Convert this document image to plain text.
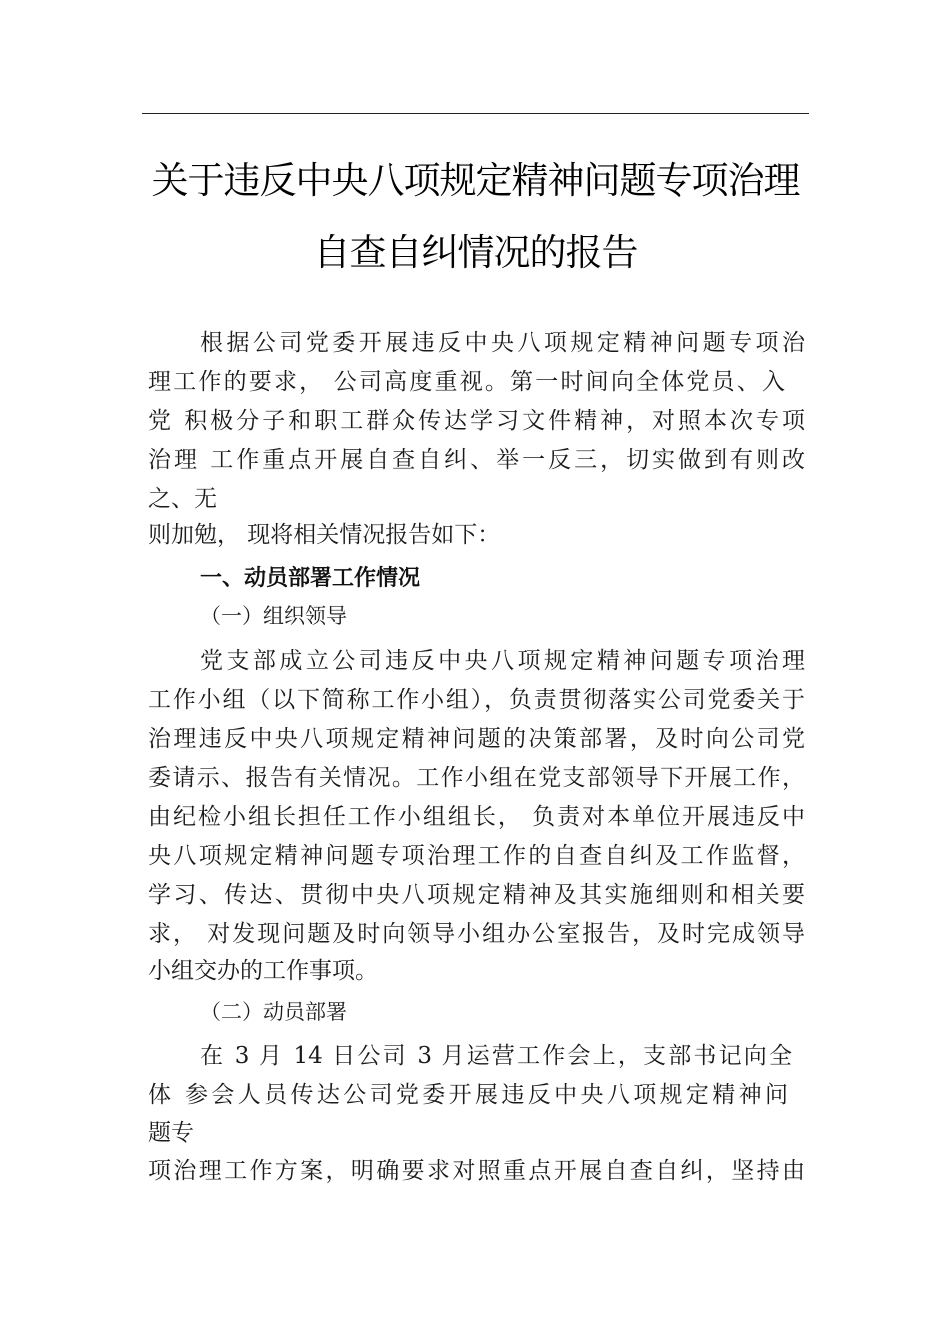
关于违反中央八项规定精神问题专项治理
自查自纠情况的报告
根据公司党委开展违反中央八项规定精神问题专项治
理工作的要求， 公司高度重视。第一时间向全体党员、入
党 积极分子和职工群众传达学习文件精神，对照本次专项
治理 工作重点开展自查自纠、举一反三，切实做到有则改
之、无
则加勉， 现将相关情况报告如下：
一、动员部署工作情况
（一）组织领导
党支部成立公司违反中央八项规定精神问题专项治理
工作小组（以下简称工作小组），负责贯彻落实公司党委关于
治理违反中央八项规定精神问题的决策部署，及时向公司党
委请示、报告有关情况。工作小组在党支部领导下开展工作，
由纪检小组长担任工作小组组长， 负责对本单位开展违反中
央八项规定精神问题专项治理工作的自查自纠及工作监督，
学习、传达、贯彻中央八项规定精神及其实施细则和相关要
求， 对发现问题及时向领导小组办公室报告，及时完成领导
小组交办的工作事项。
（二）动员部署
在 3 月 14 日公司 3 月运营工作会上，支部书记向全
体 参会人员传达公司党委开展违反中央八项规定精神问
题专
项治理工作方案，明确要求对照重点开展自查自纠，坚持由
